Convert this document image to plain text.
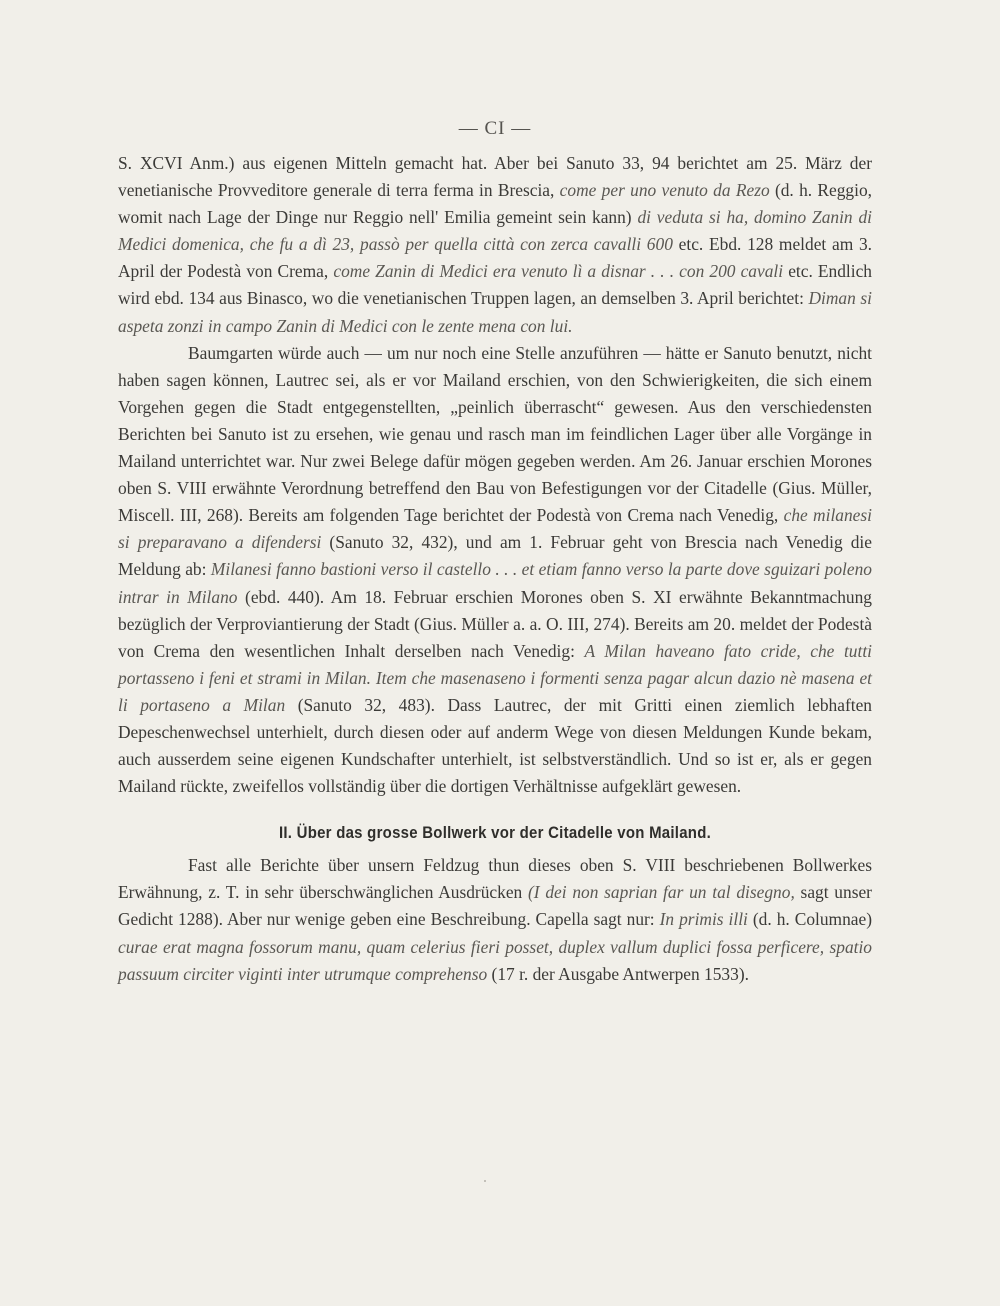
— CI —

S. XCVI Anm.) aus eigenen Mitteln gemacht hat. Aber bei Sanuto 33, 94 berichtet am 25. März der venetianische Provveditore generale di terra ferma in Brescia, come per uno venuto da Rezo (d. h. Reggio, womit nach Lage der Dinge nur Reggio nell' Emilia gemeint sein kann) di veduta si ha, domino Zanin di Medici domenica, che fu a dì 23, passò per quella città con zerca cavalli 600 etc. Ebd. 128 meldet am 3. April der Podestà von Crema, come Zanin di Medici era venuto lì a disnar . . . con 200 cavali etc. Endlich wird ebd. 134 aus Binasco, wo die venetianischen Truppen lagen, an demselben 3. April berichtet: Diman si aspeta zonzi in campo Zanin di Medici con le zente mena con lui.

Baumgarten würde auch — um nur noch eine Stelle anzuführen — hätte er Sanuto benutzt, nicht haben sagen können, Lautrec sei, als er vor Mailand erschien, von den Schwierigkeiten, die sich einem Vorgehen gegen die Stadt entgegenstellten, „peinlich überrascht“ gewesen. Aus den verschiedensten Berichten bei Sanuto ist zu ersehen, wie genau und rasch man im feindlichen Lager über alle Vorgänge in Mailand unterrichtet war. Nur zwei Belege dafür mögen gegeben werden. Am 26. Januar erschien Morones oben S. VIII erwähnte Verordnung betreffend den Bau von Befestigungen vor der Citadelle (Gius. Müller, Miscell. III, 268). Bereits am folgenden Tage berichtet der Podestà von Crema nach Venedig, che milanesi si preparavano a difendersi (Sanuto 32, 432), und am 1. Februar geht von Brescia nach Venedig die Meldung ab: Milanesi fanno bastioni verso il castello . . . et etiam fanno verso la parte dove sguizari poleno intrar in Milano (ebd. 440). Am 18. Februar erschien Morones oben S. XI erwähnte Bekanntmachung bezüglich der Verproviantierung der Stadt (Gius. Müller a. a. O. III, 274). Bereits am 20. meldet der Podestà von Crema den wesentlichen Inhalt derselben nach Venedig: A Milan haveano fato cride, che tutti portasseno i feni et strami in Milan. Item che masenaseno i formenti senza pagar alcun dazio nè masena et li portaseno a Milan (Sanuto 32, 483). Dass Lautrec, der mit Gritti einen ziemlich lebhaften Depeschenwechsel unterhielt, durch diesen oder auf anderm Wege von diesen Meldungen Kunde bekam, auch ausserdem seine eigenen Kundschafter unterhielt, ist selbstverständlich. Und so ist er, als er gegen Mailand rückte, zweifellos vollständig über die dortigen Verhältnisse aufgeklärt gewesen.

II. Über das grosse Bollwerk vor der Citadelle von Mailand.

Fast alle Berichte über unsern Feldzug thun dieses oben S. VIII beschriebenen Bollwerkes Erwähnung, z. T. in sehr überschwänglichen Ausdrücken (I dei non saprian far un tal disegno, sagt unser Gedicht 1288). Aber nur wenige geben eine Beschreibung. Capella sagt nur: In primis illi (d. h. Columnae) curae erat magna fossorum manu, quam celerius fieri posset, duplex vallum duplici fossa perficere, spatio passuum circiter viginti inter utrumque comprehenso (17 r. der Ausgabe Antwerpen 1533).
